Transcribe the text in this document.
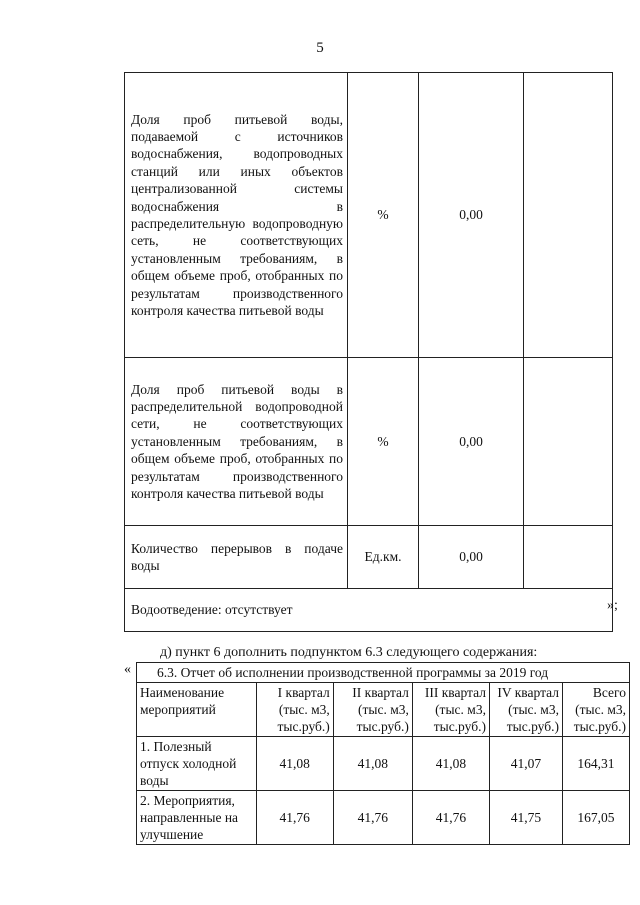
5
Доля проб питьевой воды, подаваемой с источников водоснабжения, водопроводных станций или иных объектов централизованной системы водоснабжения в распределительную водопроводную сеть, не соответствующих установленным требованиям, в общем объеме проб, отобранных по результатам производственного контроля качества питьевой воды	%	0,00	
Доля проб питьевой воды в распределительной водопроводной сети, не соответствующих установленным требованиям, в общем объеме проб, отобранных по результатам производственного контроля качества питьевой воды	%	0,00	
Количество перерывов в подаче воды	Ед.км.	0,00	
Водоотведение: отсутствует				»;
д) пункт 6 дополнить подпунктом 6.3 следующего содержания:
« 6.3. Отчет об исполнении производственной программы за 2019 год					
Наименование мероприятий	I квартал (тыс. м3, тыс.руб.)	II квартал (тыс. м3, тыс.руб.)	III квартал (тыс. м3, тыс.руб.)	IV квартал (тыс. м3, тыс.руб.)	Всего (тыс. м3, тыс.руб.)
1. Полезный отпуск холодной воды	41,08	41,08	41,08	41,07	164,31
2. Мероприятия, направленные на улучшение	41,76	41,76	41,76	41,75	167,05
